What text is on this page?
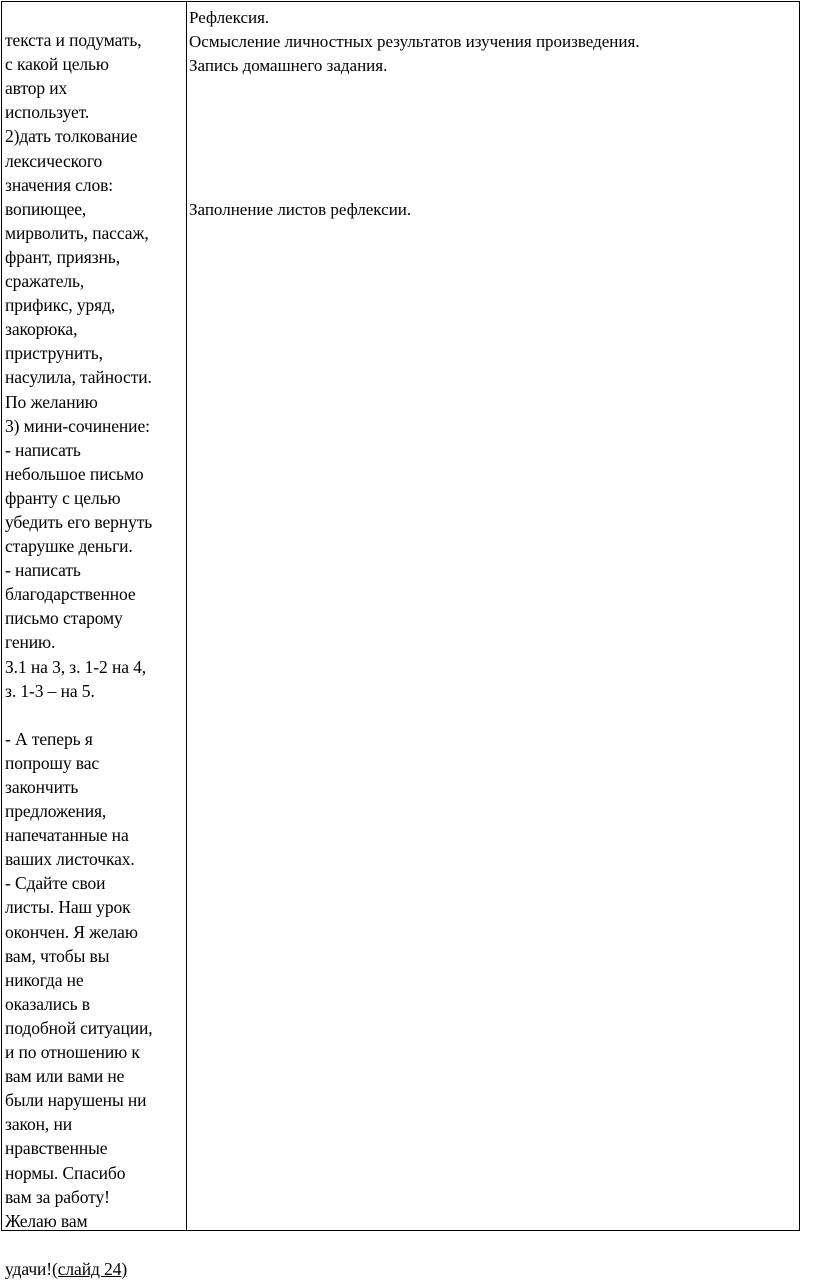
текста и подумать,
с какой целью
автор их
использует.
2)дать толкование
лексического
значения слов:
вопиющее,
мирволить, пассаж,
франт, приязнь,
сражатель,
прификс, уряд,
закорюка,
приструнить,
насулила, тайности.
По желанию
3) мини-сочинение:
- написать
небольшое письмо
франту с целью
убедить его вернуть
старушке деньги.
- написать
благодарственное
письмо старому
гению.
З.1 на 3, з. 1-2 на 4,
з. 1-3 – на 5.

- А теперь я
попрошу вас
закончить
предложения,
напечатанные на
ваших листочках.
- Сдайте свои
листы. Наш урок
окончен. Я желаю
вам, чтобы вы
никогда не
оказались в
подобной ситуации,
и по отношению к
вам или вами не
были нарушены ни
закон, ни
нравственные
нормы. Спасибо
вам за работу!
Желаю вам

удачи!(слайд 24)

Рефлексия.
Осмысление личностных результатов изучения произведения.
Запись домашнего задания.
Заполнение листов рефлексии.
